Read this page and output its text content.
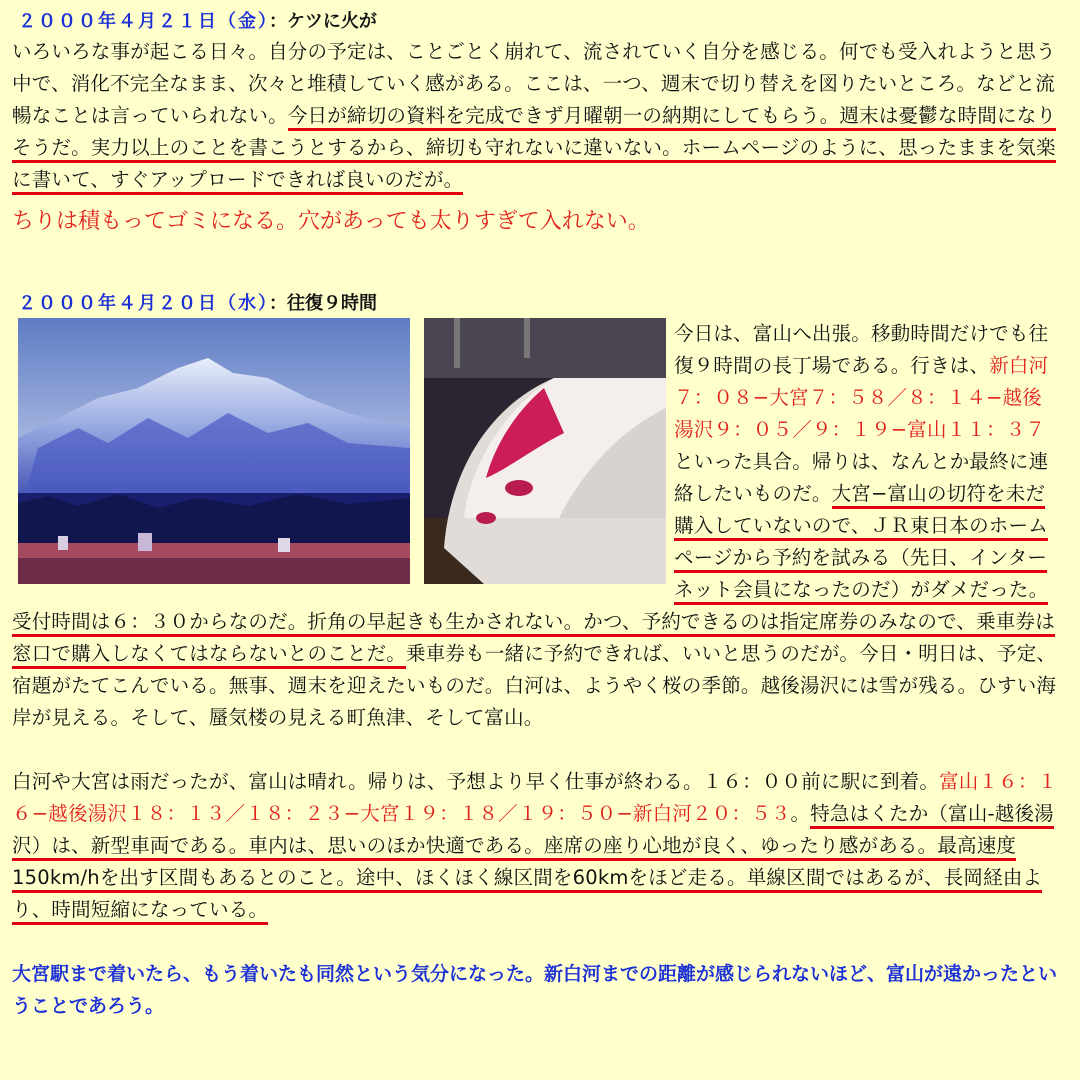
２０００年４月２１日（金）：ケツに火が

いろいろな事が起こる日々。自分の予定は、ことごとく崩れて、流されていく自分を感じる。何でも受入れようと思う中で、消化不完全なまま、次々と堆積していく感がある。ここは、一つ、週末で切り替えを図りたいところ。などと流暢なことは言っていられない。今日が締切の資料を完成できず月曜朝一の納期にしてもらう。週末は憂鬱な時間になりそうだ。実力以上のことを書こうとするから、締切も守れないに違いない。ホームページのように、思ったままを気楽に書いて、すぐアップロードできれば良いのだが。

ちりは積もってゴミになる。穴があっても太りすぎて入れない。

２０００年４月２０日（水）：往復９時間

今日は、富山へ出張。移動時間だけでも往復９時間の長丁場である。行きは、新白河７：０８−大宮７：５８／８：１４−越後湯沢９：０５／９：１９−富山１１：３７といった具合。帰りは、なんとか最終に連絡したいものだ。大宮−富山の切符を未だ購入していないので、ＪＲ東日本のホームページから予約を試みる（先日、インターネット会員になったのだ）がダメだった。受付時間は６：３０からなのだ。折角の早起きも生かされない。かつ、予約できるのは指定席券のみなので、乗車券は窓口で購入しなくてはならないとのことだ。乗車券も一緒に予約できれば、いいと思うのだが。今日・明日は、予定、宿題がたてこんでいる。無事、週末を迎えたいものだ。白河は、ようやく桜の季節。越後湯沢には雪が残る。ひすい海岸が見える。そして、蜃気楼の見える町魚津、そして富山。

白河や大宮は雨だったが、富山は晴れ。帰りは、予想より早く仕事が終わる。１６：００前に駅に到着。富山１６：１６−越後湯沢１８：１３／１８：２３−大宮１９：１８／１９：５０−新白河２０：５３。特急はくたか（富山-越後湯沢）は、新型車両である。車内は、思いのほか快適である。座席の座り心地が良く、ゆったり感がある。最高速度150km/hを出す区間もあるとのこと。途中、ほくほく線区間を60kmをほど走る。単線区間ではあるが、長岡経由より、時間短縮になっている。

大宮駅まで着いたら、もう着いたも同然という気分になった。新白河までの距離が感じられないほど、富山が遠かったということであろう。
